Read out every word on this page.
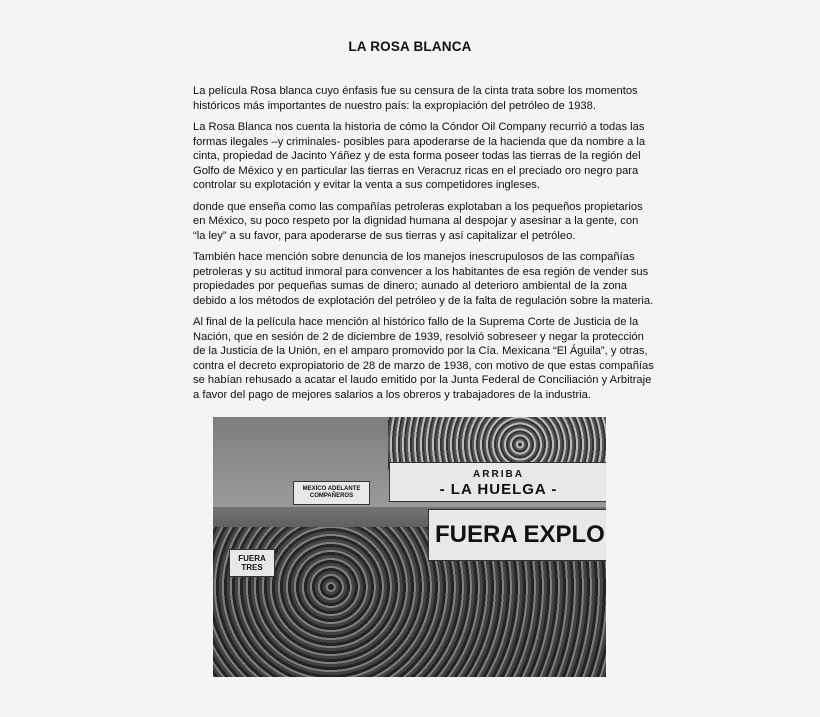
LA ROSA BLANCA
La película Rosa blanca cuyo énfasis fue su censura de la cinta trata sobre los momentos
históricos más importantes de nuestro país: la expropiación del petróleo de 1938.
La Rosa Blanca nos cuenta la historia de cómo la Cóndor Oil Company recurrió a todas las
formas ilegales –y criminales- posibles para apoderarse de la hacienda que da nombre a la
cinta, propiedad de Jacinto Yáñez y de esta forma poseer todas las tierras de la región del
Golfo de México y en particular las tierras en Veracruz ricas en el preciado oro negro para
controlar su explotación y evitar la venta a sus competidores ingleses.
donde que enseña como las compañías petroleras explotaban a los pequeños propietarios
en México, su poco respeto por la dignidad humana al despojar y asesinar a la gente, con
“la ley” a su favor, para apoderarse de sus tierras y así capitalizar el petróleo.
También hace mención sobre denuncia de los manejos inescrupulosos de las compañías
petroleras y su actitud inmoral para convencer a los habitantes de esa región de vender sus
propiedades por pequeñas sumas de dinero; aunado al deterioro ambiental de la zona
debido a los métodos de explotación del petróleo y de la falta de regulación sobre la materia.
Al final de la película hace mención al histórico fallo de la Suprema Corte de Justicia de la
Nación, que en sesión de 2 de diciembre de 1939, resolvió sobreseer y negar la protección
de la Justicia de la Unión, en el amparo promovido por la Cía. Mexicana “El Águila”, y otras,
contra el decreto expropiatorio de 28 de marzo de 1938, con motivo de que estas compañías
se habían rehusado a acatar el laudo emitido por la Junta Federal de Conciliación y Arbitraje
a favor del pago de mejores salarios a los obreros y trabajadores de la industria.
MEXICO ADELANTE COMPAÑEROS
ARRIBA
- LA HUELGA -
FUERA EXPLO
FUERA TRES
